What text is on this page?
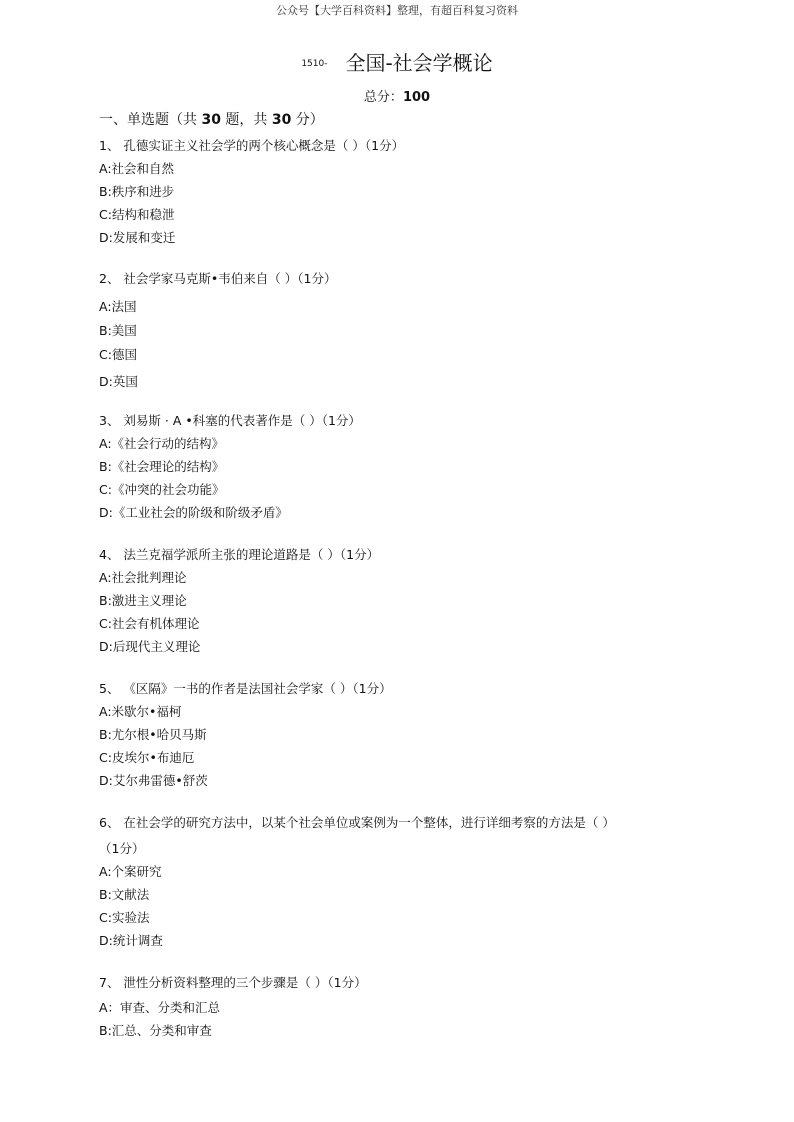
公众号【大学百科资料】整理，有超百科复习资料
1510- 全国-社会学概论
总分：100
一、单选题（共 30 题，共 30 分）

1、 孔德实证主义社会学的两个核心概念是（ ）（1分）

A:社会和自然

B:秩序和进步

C:结构和稳泄

D:发展和变迁

2、 社会学家马克斯•韦伯来自（ ）（1分）

A:法国

B:美国

C:德国

D:英国

3、 刘易斯 · A •科塞的代表著作是（ ）（1分）

A:《社会行动的结构》

B:《社会理论的结构》

C:《冲突的社会功能》

D:《工业社会的阶级和阶级矛盾》

4、 法兰克福学派所主张的理论道路是（ ）（1分）

A:社会批判理论

B:激进主义理论

C:社会有机体理论

D:后现代主义理论

5、 《区隔》一书的作者是法国社会学家（ ）（1分）

A:米歇尔•福柯

B:尤尔根•哈贝马斯

C:皮埃尔•布迪厄

D:艾尔弗雷德•舒茨

6、 在社会学的研究方法中，以某个社会单位或案例为一个整体，进行详细考察的方法是（ ）

（1分）

A:个案研究

B:文献法

C:实验法

D:统计调查

7、 泄性分析资料整理的三个步骤是（ ）（1分）

A：审查、分类和汇总

B:汇总、分类和审查
